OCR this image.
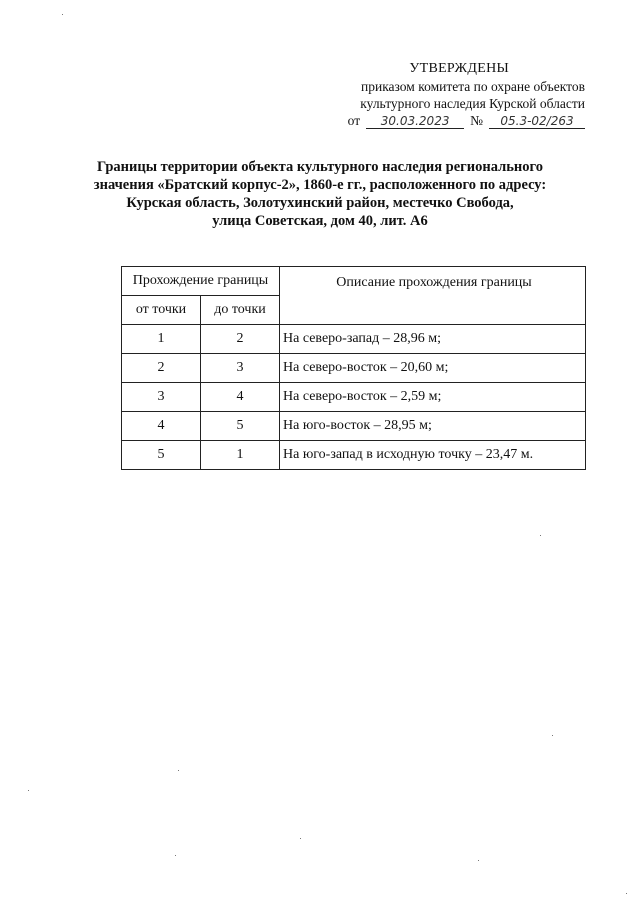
УТВЕРЖДЕНЫ
приказом комитета по охране объектов
культурного наследия Курской области
от 30.03.2023 № 05.3-02/263
Границы территории объекта культурного наследия регионального
значения «Братский корпус-2», 1860-е гг., расположенного по адресу:
Курская область, Золотухинский район, местечко Свобода,
улица Советская, дом 40, лит. А6
Прохождение границы		Описание прохождения границы
от точки	до точки	
1	2	На северо-запад – 28,96 м;
2	3	На северо-восток – 20,60 м;
3	4	На северо-восток – 2,59 м;
4	5	На юго-восток – 28,95 м;
5	1	На юго-запад в исходную точку – 23,47 м.
